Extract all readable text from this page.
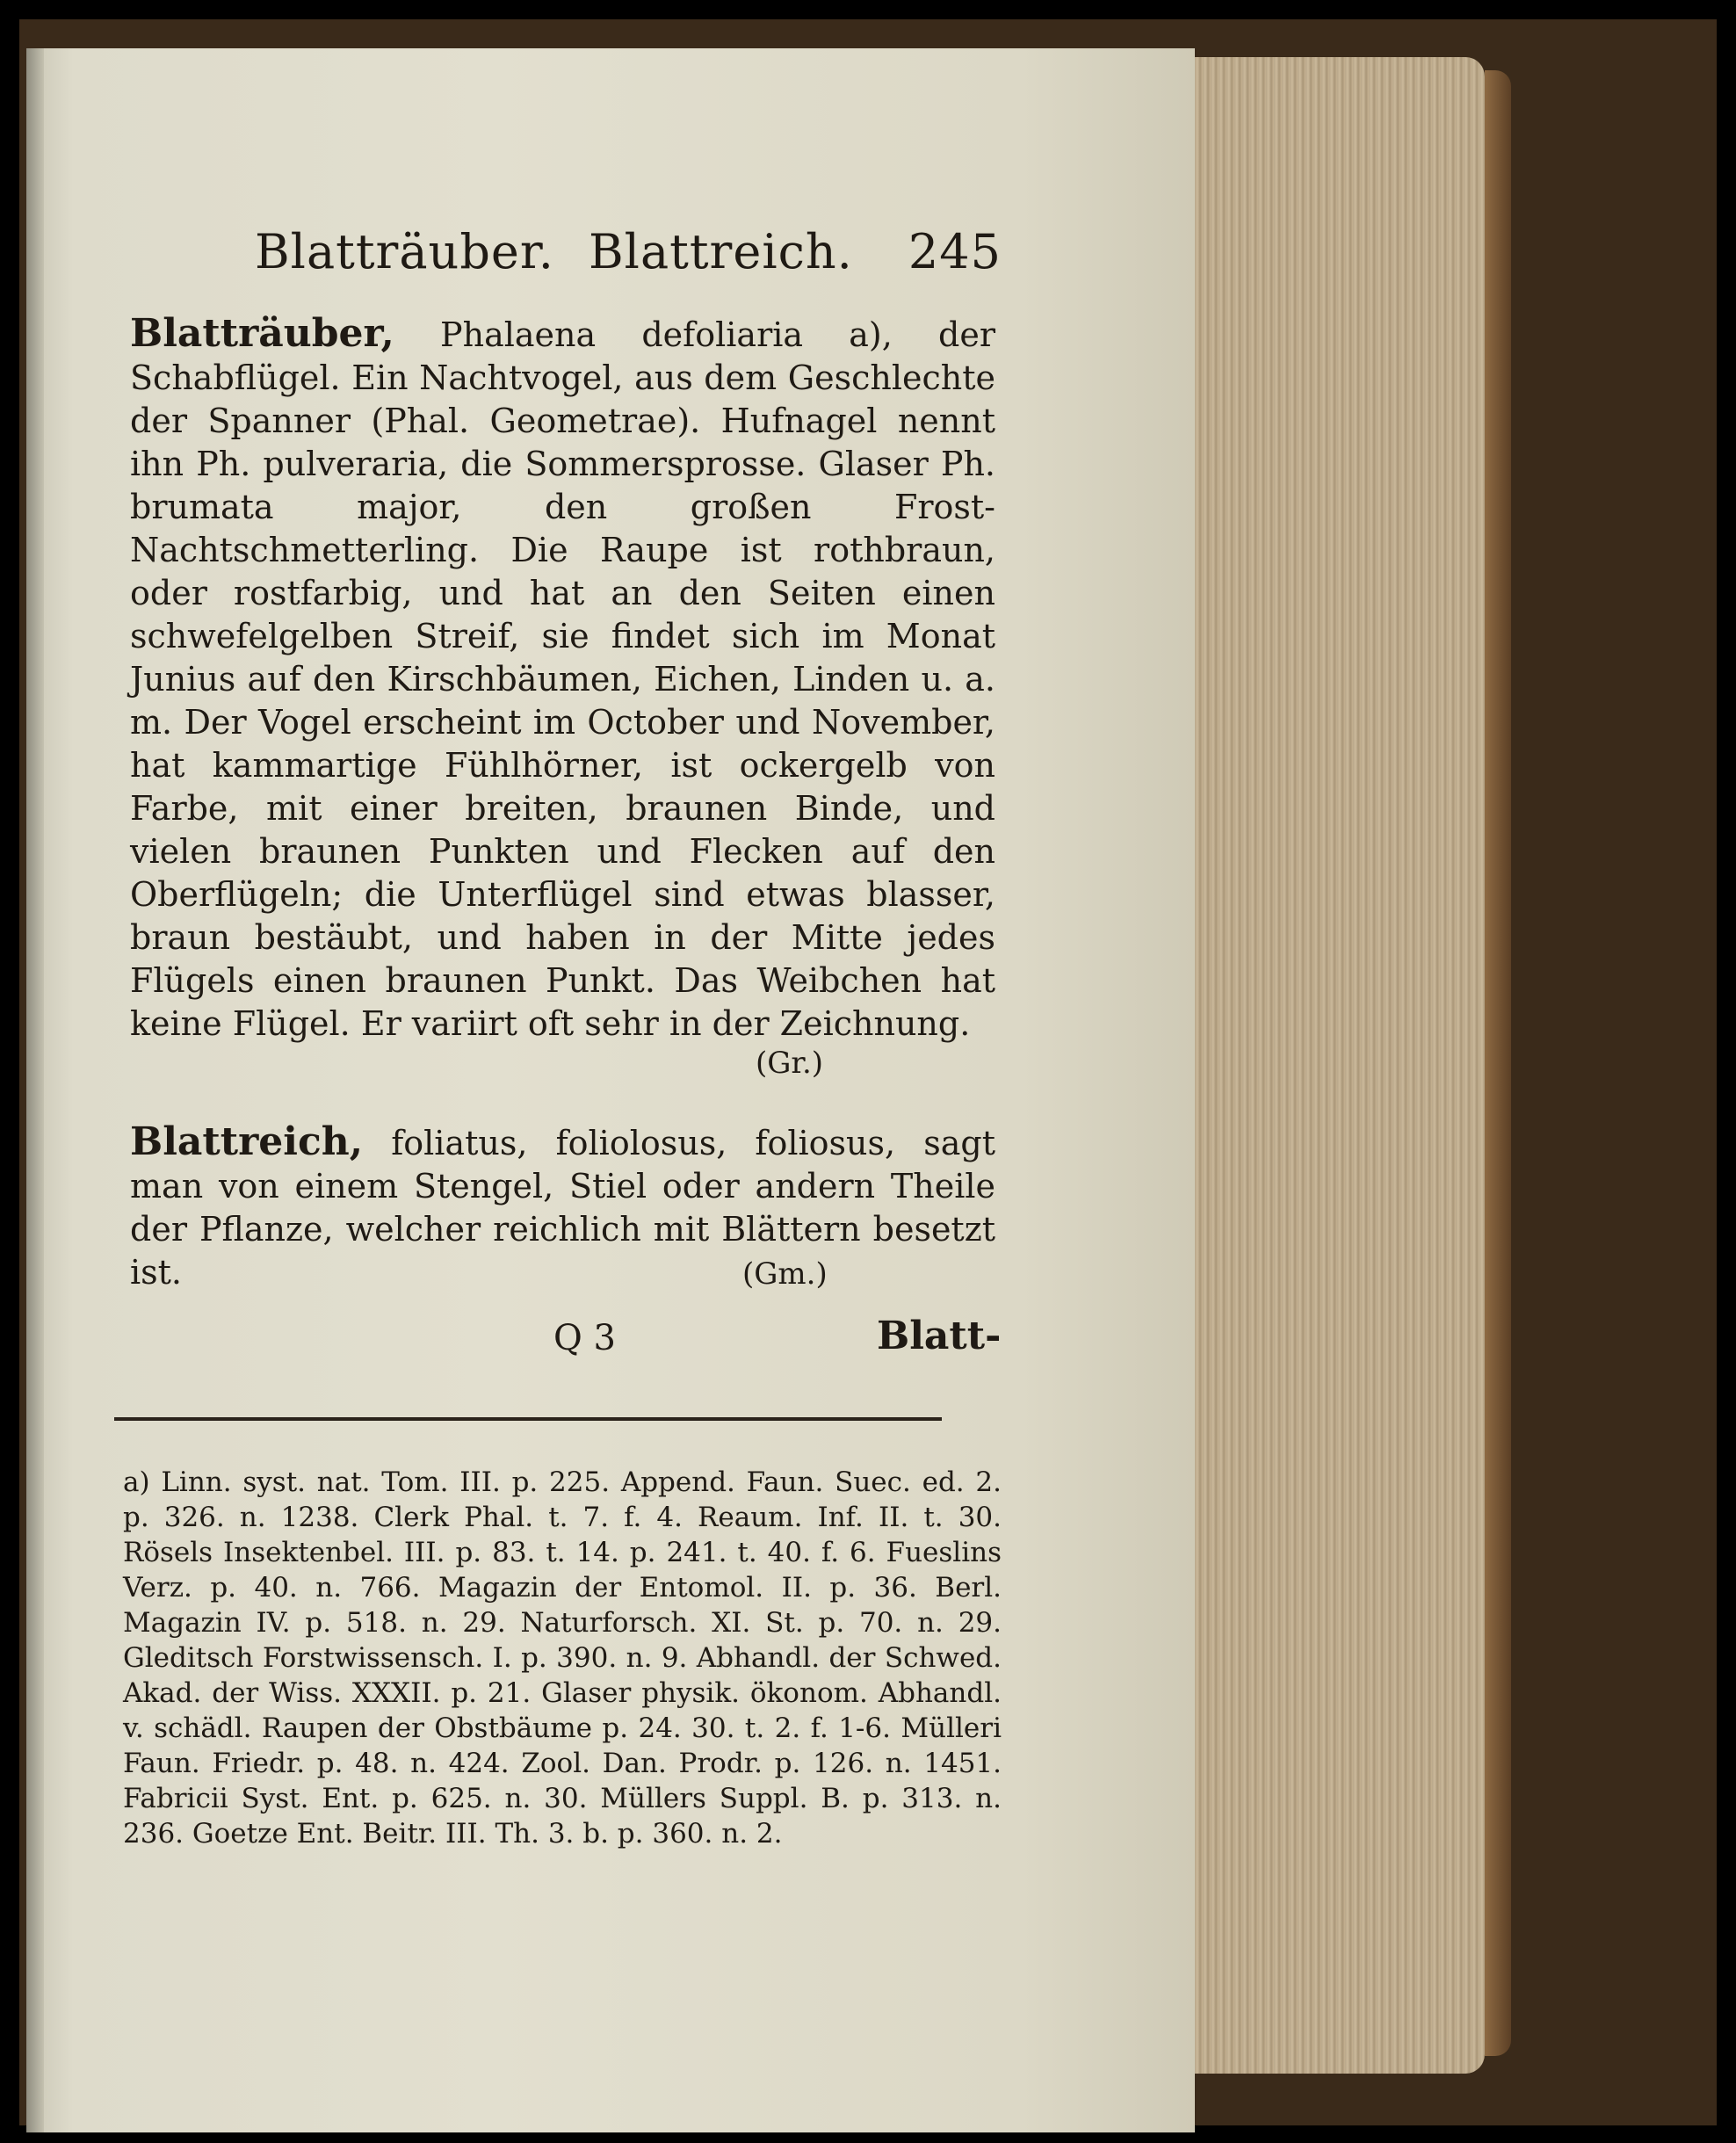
Blatträuber. Blattreich. 245

Blatträuber, Phalaena defoliaria a), der Schabflügel. Ein Nachtvogel, aus dem Geschlechte der Spanner (Phal. Geometrae). Hufnagel nennt ihn Ph. pulveraria, die Sommersprosse. Glaser Ph. brumata major, den großen Frost-Nachtschmetterling. Die Raupe ist rothbraun, oder rostfarbig, und hat an den Seiten einen schwefelgelben Streif, sie findet sich im Monat Junius auf den Kirschbäumen, Eichen, Linden u. a. m. Der Vogel erscheint im October und November, hat kammartige Fühlhörner, ist ockergelb von Farbe, mit einer breiten, braunen Binde, und vielen braunen Punkten und Flecken auf den Oberflügeln; die Unterflügel sind etwas blasser, braun bestäubt, und haben in der Mitte jedes Flügels einen braunen Punkt. Das Weibchen hat keine Flügel. Er variirt oft sehr in der Zeichnung.

(Gr.)

Blattreich, foliatus, foliolosus, foliosus, sagt man von einem Stengel, Stiel oder andern Theile der Pflanze, welcher reichlich mit Blättern besetzt ist.	(Gm.)
Q 3	Blatt-
a) Linn. syst. nat. Tom. III. p. 225. Append. Faun. Suec. ed. 2. p. 326. n. 1238. Clerk Phal. t. 7. f. 4. Reaum. Inf. II. t. 30. Rösels Insektenbel. III. p. 83. t. 14. p. 241. t. 40. f. 6. Fueslins Verz. p. 40. n. 766. Magazin der Entomol. II. p. 36. Berl. Magazin IV. p. 518. n. 29. Naturforsch. XI. St. p. 70. n. 29. Gleditsch Forstwissensch. I. p. 390. n. 9. Abhandl. der Schwed. Akad. der Wiss. XXXII. p. 21. Glaser physik. ökonom. Abhandl. v. schädl. Raupen der Obstbäume p. 24. 30. t. 2. f. 1-6. Mülleri Faun. Friedr. p. 48. n. 424. Zool. Dan. Prodr. p. 126. n. 1451. Fabricii Syst. Ent. p. 625. n. 30. Müllers Suppl. B. p. 313. n. 236. Goetze Ent. Beitr. III. Th. 3. b. p. 360. n. 2.
